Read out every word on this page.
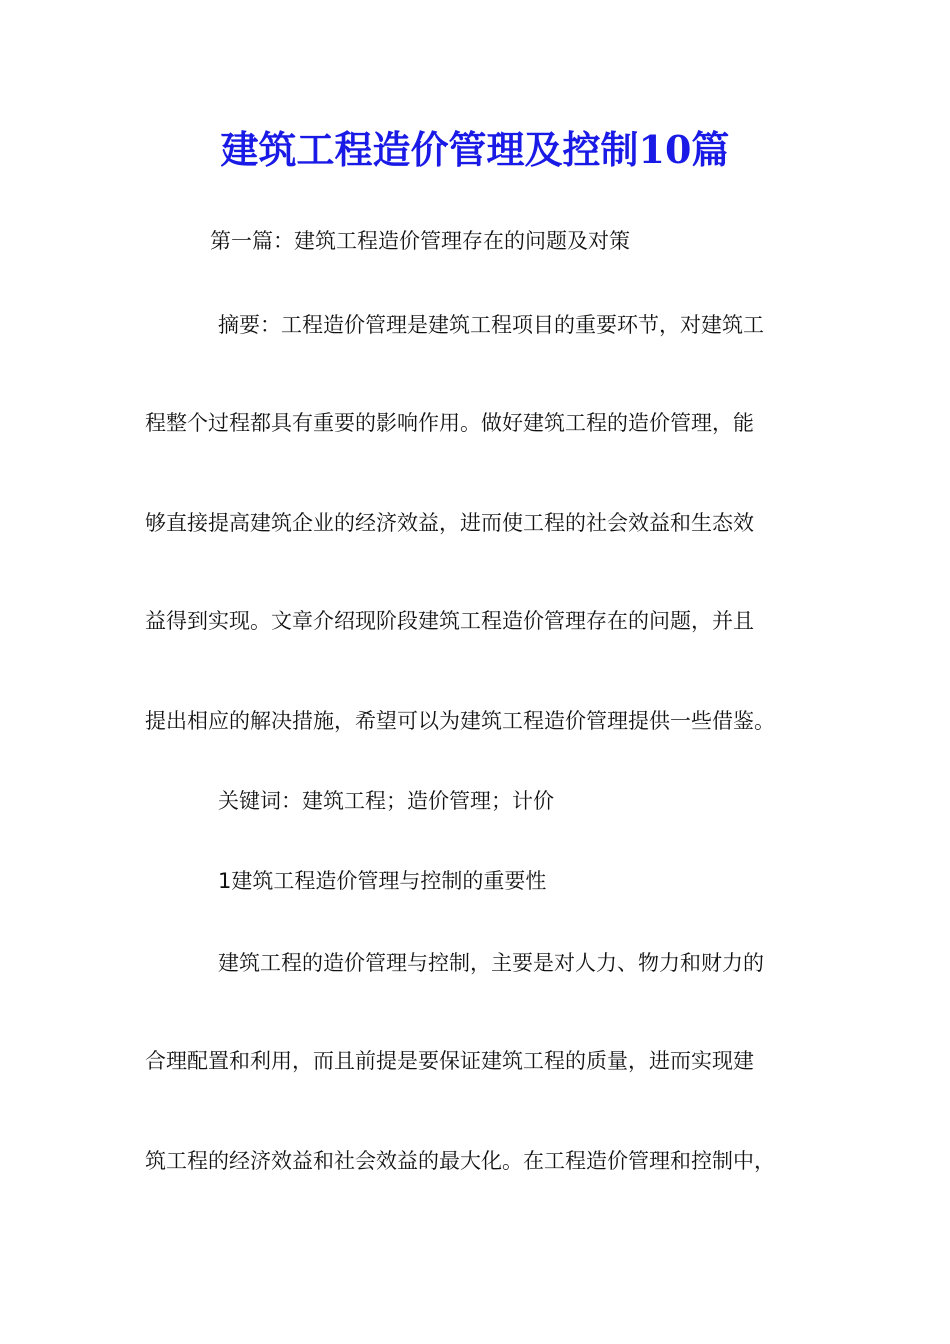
建筑工程造价管理及控制10篇

第一篇：建筑工程造价管理存在的问题及对策

摘要：工程造价管理是建筑工程项目的重要环节，对建筑工

程整个过程都具有重要的影响作用。做好建筑工程的造价管理，能

够直接提高建筑企业的经济效益，进而使工程的社会效益和生态效

益得到实现。文章介绍现阶段建筑工程造价管理存在的问题，并且

提出相应的解决措施，希望可以为建筑工程造价管理提供一些借鉴。

关键词：建筑工程；造价管理；计价

1建筑工程造价管理与控制的重要性

建筑工程的造价管理与控制，主要是对人力、物力和财力的

合理配置和利用，而且前提是要保证建筑工程的质量，进而实现建

筑工程的经济效益和社会效益的最大化。在工程造价管理和控制中，
